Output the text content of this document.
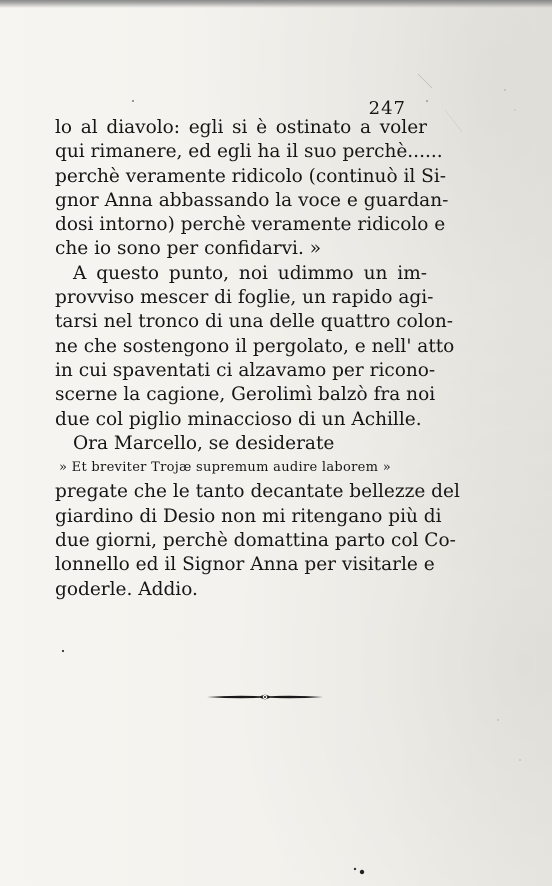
247
lo al diavolo: egli si è ostinato a voler
qui rimanere, ed egli ha il suo perchè......
perchè veramente ridicolo (continuò il Si-
gnor Anna abbassando la voce e guardan-
dosi intorno) perchè veramente ridicolo e
che io sono per confidarvi. »
A questo punto, noi udimmo un im-
provviso mescer di foglie, un rapido agi-
tarsi nel tronco di una delle quattro colon-
ne che sostengono il pergolato, e nell' atto
in cui spaventati ci alzavamo per ricono-
scerne la cagione, Gerolimì balzò fra noi
due col piglio minaccioso di un Achille.
Ora Marcello, se desiderate
» Et breviter Trojæ supremum audire laborem »
pregate che le tanto decantate bellezze del
giardino di Desio non mi ritengano più di
due giorni, perchè domattina parto col Co-
lonnello ed il Signor Anna per visitarle e
goderle. Addio.
